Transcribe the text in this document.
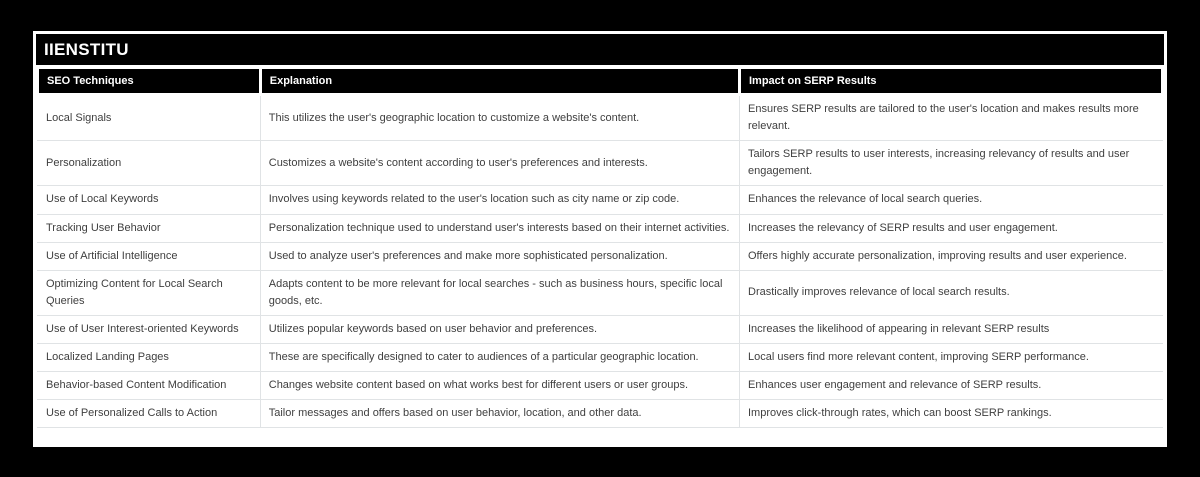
IIENSTITU
SEO Techniques	Explanation	Impact on SERP Results
Local Signals	This utilizes the user's geographic location to customize a website's content.	Ensures SERP results are tailored to the user's location and makes results more relevant.
Personalization	Customizes a website's content according to user's preferences and interests.	Tailors SERP results to user interests, increasing relevancy of results and user engagement.
Use of Local Keywords	Involves using keywords related to the user's location such as city name or zip code.	Enhances the relevance of local search queries.
Tracking User Behavior	Personalization technique used to understand user's interests based on their internet activities.	Increases the relevancy of SERP results and user engagement.
Use of Artificial Intelligence	Used to analyze user's preferences and make more sophisticated personalization.	Offers highly accurate personalization, improving results and user experience.
Optimizing Content for Local Search Queries	Adapts content to be more relevant for local searches - such as business hours, specific local goods, etc.	Drastically improves relevance of local search results.
Use of User Interest-oriented Keywords	Utilizes popular keywords based on user behavior and preferences.	Increases the likelihood of appearing in relevant SERP results
Localized Landing Pages	These are specifically designed to cater to audiences of a particular geographic location.	Local users find more relevant content, improving SERP performance.
Behavior-based Content Modification	Changes website content based on what works best for different users or user groups.	Enhances user engagement and relevance of SERP results.
Use of Personalized Calls to Action	Tailor messages and offers based on user behavior, location, and other data.	Improves click-through rates, which can boost SERP rankings.
